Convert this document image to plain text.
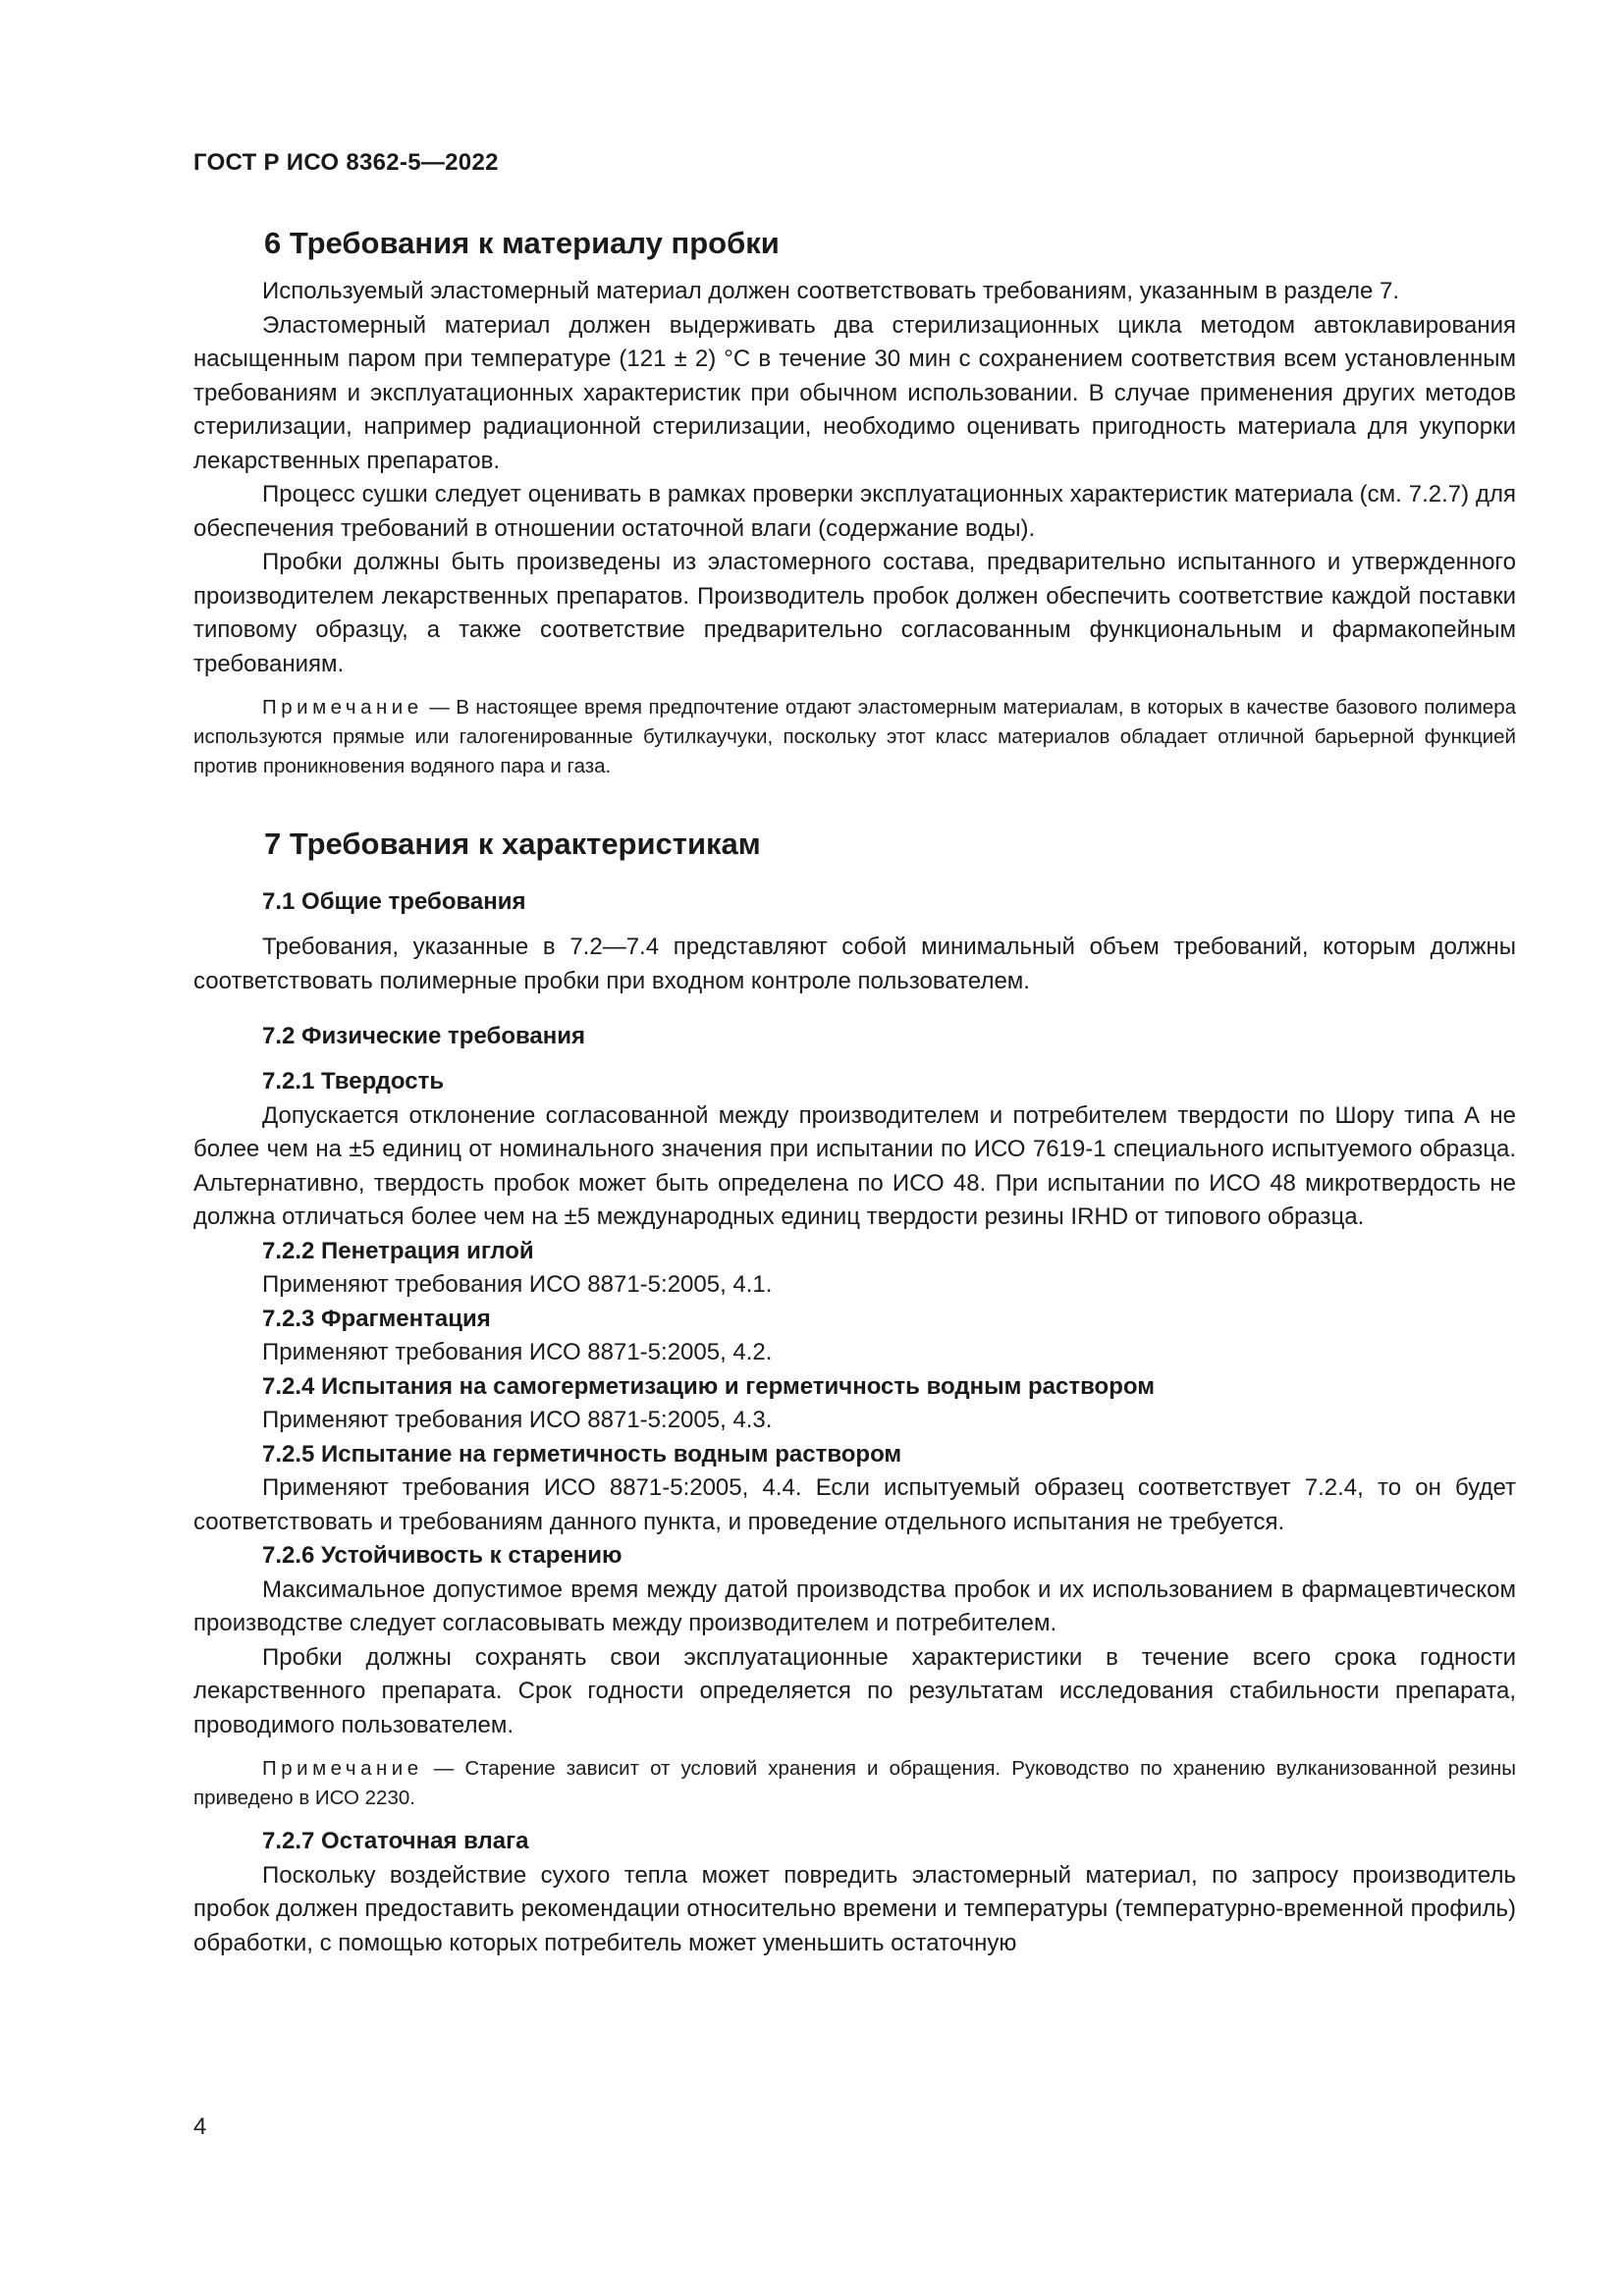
ГОСТ Р ИСО 8362-5—2022
6 Требования к материалу пробки

Используемый эластомерный материал должен соответствовать требованиям, указанным в разделе 7.

Эластомерный материал должен выдерживать два стерилизационных цикла методом автоклавирования насыщенным паром при температуре (121 ± 2) °С в течение 30 мин с сохранением соответствия всем установленным требованиям и эксплуатационных характеристик при обычном использовании. В случае применения других методов стерилизации, например радиационной стерилизации, необходимо оценивать пригодность материала для укупорки лекарственных препаратов.

Процесс сушки следует оценивать в рамках проверки эксплуатационных характеристик материала (см. 7.2.7) для обеспечения требований в отношении остаточной влаги (содержание воды).

Пробки должны быть произведены из эластомерного состава, предварительно испытанного и утвержденного производителем лекарственных препаратов. Производитель пробок должен обеспечить соответствие каждой поставки типовому образцу, а также соответствие предварительно согласованным функциональным и фармакопейным требованиям.

Примечание — В настоящее время предпочтение отдают эластомерным материалам, в которых в качестве базового полимера используются прямые или галогенированные бутилкаучуки, поскольку этот класс материалов обладает отличной барьерной функцией против проникновения водяного пара и газа.

7 Требования к характеристикам
7.1 Общие требования

Требования, указанные в 7.2—7.4 представляют собой минимальный объем требований, которым должны соответствовать полимерные пробки при входном контроле пользователем.

7.2 Физические требования
7.2.1 Твердость

Допускается отклонение согласованной между производителем и потребителем твердости по Шору типа А не более чем на ±5 единиц от номинального значения при испытании по ИСО 7619-1 специального испытуемого образца. Альтернативно, твердость пробок может быть определена по ИСО 48. При испытании по ИСО 48 микротвердость не должна отличаться более чем на ±5 международных единиц твердости резины IRHD от типового образца.

7.2.2 Пенетрация иглой

Применяют требования ИСО 8871-5:2005, 4.1.

7.2.3 Фрагментация

Применяют требования ИСО 8871-5:2005, 4.2.

7.2.4 Испытания на самогерметизацию и герметичность водным раствором

Применяют требования ИСО 8871-5:2005, 4.3.

7.2.5 Испытание на герметичность водным раствором

Применяют требования ИСО 8871-5:2005, 4.4. Если испытуемый образец соответствует 7.2.4, то он будет соответствовать и требованиям данного пункта, и проведение отдельного испытания не требуется.

7.2.6 Устойчивость к старению

Максимальное допустимое время между датой производства пробок и их использованием в фармацевтическом производстве следует согласовывать между производителем и потребителем.

Пробки должны сохранять свои эксплуатационные характеристики в течение всего срока годности лекарственного препарата. Срок годности определяется по результатам исследования стабильности препарата, проводимого пользователем.

Примечание — Старение зависит от условий хранения и обращения. Руководство по хранению вулканизованной резины приведено в ИСО 2230.

7.2.7 Остаточная влага

Поскольку воздействие сухого тепла может повредить эластомерный материал, по запросу производитель пробок должен предоставить рекомендации относительно времени и температуры (температурно-временной профиль) обработки, с помощью которых потребитель может уменьшить остаточную

4
